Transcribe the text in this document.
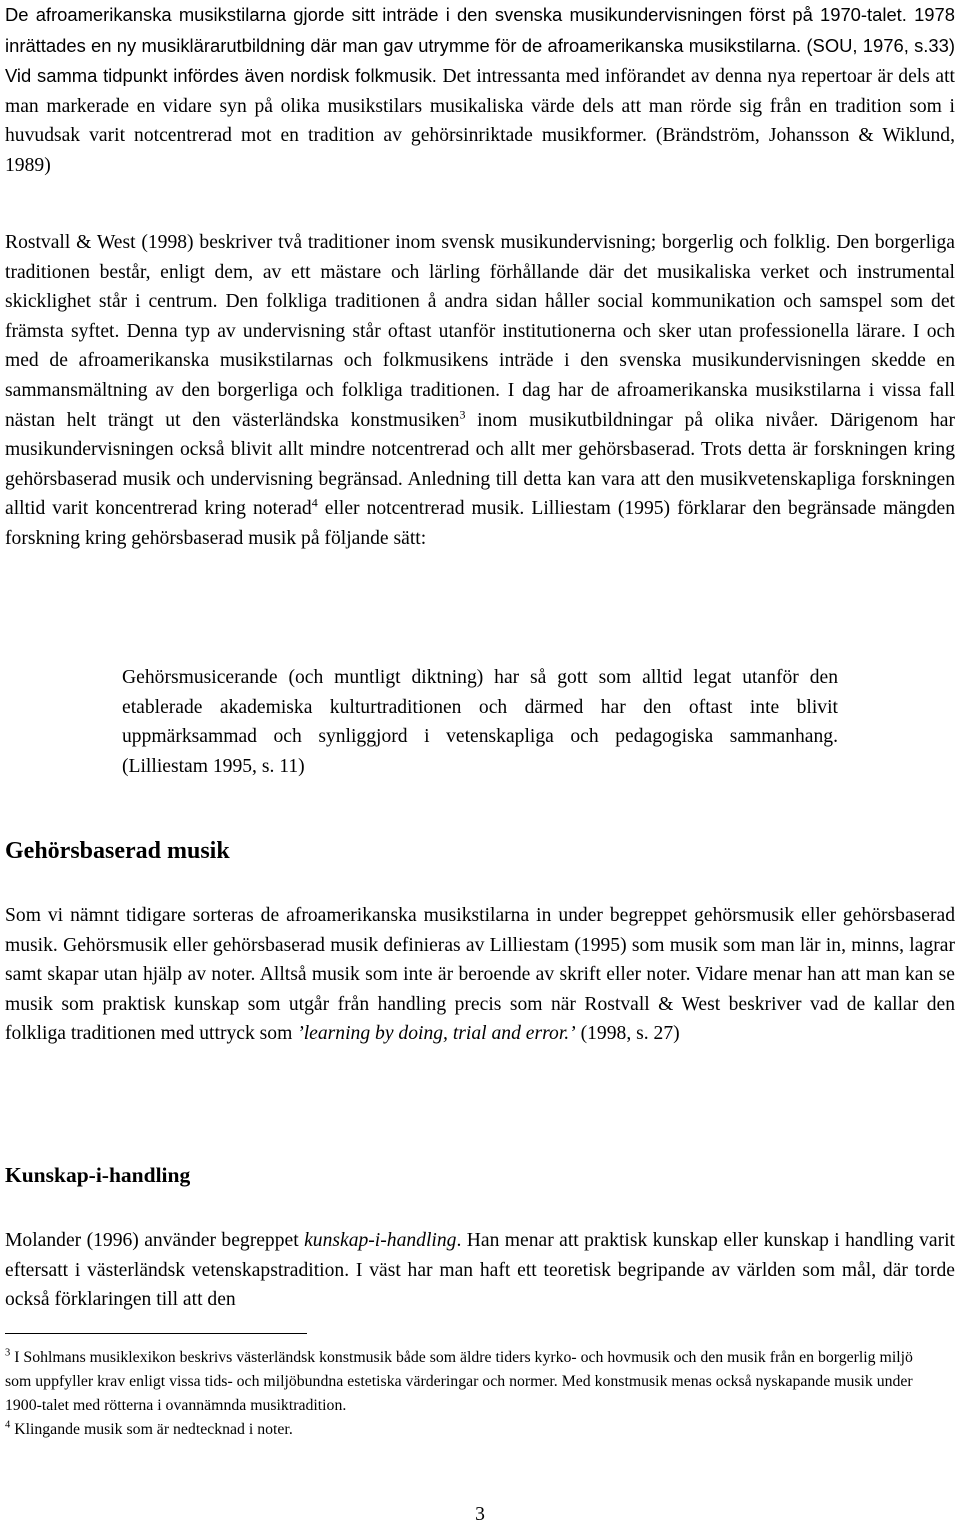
De afroamerikanska musikstilarna gjorde sitt inträde i den svenska musikundervisningen först på 1970-talet. 1978 inrättades en ny musiklärarutbildning där man gav utrymme för de afroamerikanska musikstilarna. (SOU, 1976, s.33) Vid samma tidpunkt infördes även nordisk folkmusik. Det intressanta med införandet av denna nya repertoar är dels att man markerade en vidare syn på olika musikstilars musikaliska värde dels att man rörde sig från en tradition som i huvudsak varit notcentrerad mot en tradition av gehörsinriktade musikformer. (Brändström, Johansson & Wiklund, 1989)

Rostvall & West (1998) beskriver två traditioner inom svensk musikundervisning; borgerlig och folklig. Den borgerliga traditionen består, enligt dem, av ett mästare och lärling förhållande där det musikaliska verket och instrumental skicklighet står i centrum. Den folkliga traditionen å andra sidan håller social kommunikation och samspel som det främsta syftet. Denna typ av undervisning står oftast utanför institutionerna och sker utan professionella lärare. I och med de afroamerikanska musikstilarnas och folkmusikens inträde i den svenska musikundervisningen skedde en sammansmältning av den borgerliga och folkliga traditionen. I dag har de afroamerikanska musikstilarna i vissa fall nästan helt trängt ut den västerländska konstmusiken$^3$ inom musikutbildningar på olika nivåer. Därigenom har musikundervisningen också blivit allt mindre notcentrerad och allt mer gehörsbaserad. Trots detta är forskningen kring gehörsbaserad musik och undervisning begränsad. Anledning till detta kan vara att den musikvetenskapliga forskningen alltid varit koncentrerad kring noterad$^4$ eller notcentrerad musik. Lilliestam (1995) förklarar den begränsade mängden forskning kring gehörsbaserad musik på följande sätt:

Gehörsmusicerande (och muntligt diktning) har så gott som alltid legat utanför den etablerade akademiska kulturtraditionen och därmed har den oftast inte blivit uppmärksammad och synliggjord i vetenskapliga och pedagogiska sammanhang. (Lilliestam 1995, s. 11)

Gehörsbaserad musik

Som vi nämnt tidigare sorteras de afroamerikanska musikstilarna in under begreppet gehörsmusik eller gehörsbaserad musik. Gehörsmusik eller gehörsbaserad musik definieras av Lilliestam (1995) som musik som man lär in, minns, lagrar samt skapar utan hjälp av noter. Alltså musik som inte är beroende av skrift eller noter. Vidare menar han att man kan se musik som praktisk kunskap som utgår från handling precis som när Rostvall & West beskriver vad de kallar den folkliga traditionen med uttryck som ’learning by doing, trial and error.’ (1998, s. 27)

Kunskap-i-handling

Molander (1996) använder begreppet kunskap-i-handling. Han menar att praktisk kunskap eller kunskap i handling varit eftersatt i västerländsk vetenskapstradition. I väst har man haft ett teoretisk begripande av världen som mål, där torde också förklaringen till att den

$^3$ I Sohlmans musiklexikon beskrivs västerländsk konstmusik både som äldre tiders kyrko- och hovmusik och den musik från en borgerlig miljö som uppfyller krav enligt vissa tids- och miljöbundna estetiska värderingar och normer. Med konstmusik menas också nyskapande musik under 1900-talet med rötterna i ovannämnda musiktradition.
$^4$ Klingande musik som är nedtecknad i noter.
3
